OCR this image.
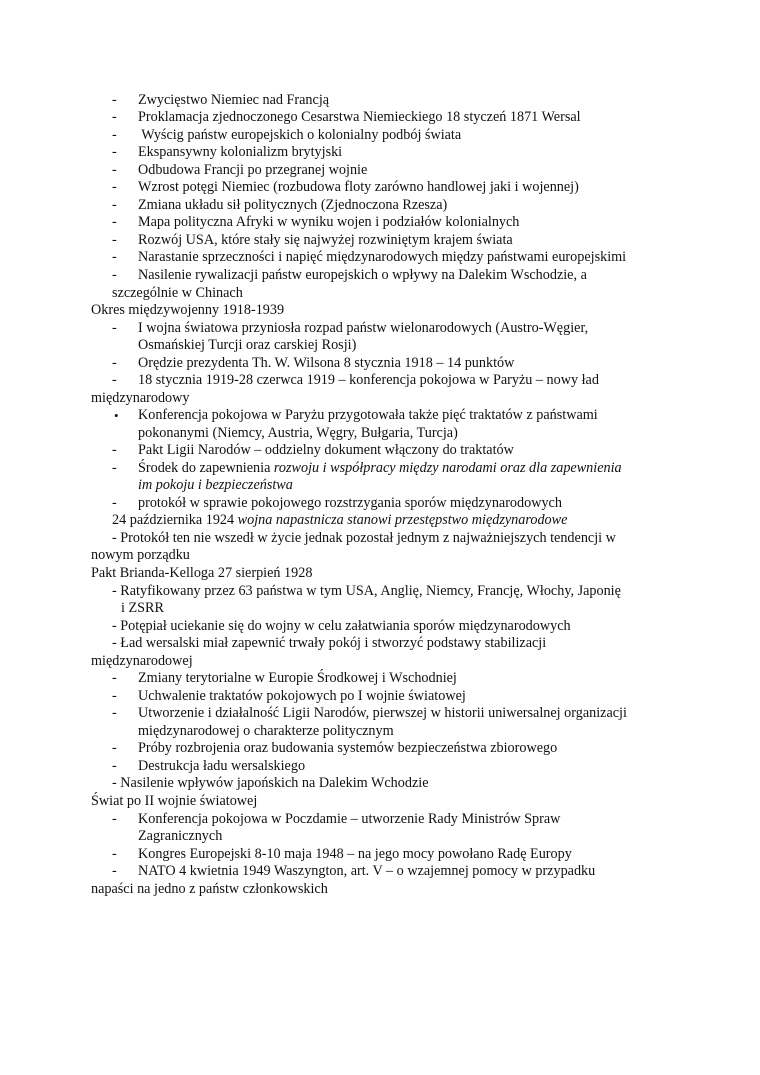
- Zwycięstwo Niemiec nad Francją
- Proklamacja zjednoczonego Cesarstwa Niemieckiego 18 styczeń 1871 Wersal
- Wyścig państw europejskich o kolonialny podbój świata
- Ekspansywny kolonializm brytyjski
- Odbudowa Francji po przegranej wojnie
- Wzrost potęgi Niemiec (rozbudowa floty zarówno handlowej jaki i wojennej)
- Zmiana układu sił politycznych (Zjednoczona Rzesza)
- Mapa polityczna Afryki w wyniku wojen i podziałów kolonialnych
- Rozwój USA, które stały się najwyżej rozwiniętym krajem świata
- Narastanie sprzeczności i napięć międzynarodowych między państwami europejskimi
- Nasilenie rywalizacji państw europejskich o wpływy na Dalekim Wschodzie, a
szczególnie w Chinach
Okres międzywojenny 1918-1939
- I wojna światowa przyniosła rozpad państw wielonarodowych (Austro-Węgier,
Osmańskiej Turcji oraz carskiej Rosji)
- Orędzie prezydenta Th. W. Wilsona 8 stycznia 1918 – 14 punktów
- 18 stycznia 1919-28 czerwca 1919 – konferencja pokojowa w Paryżu – nowy ład
międzynarodowy
• Konferencja pokojowa w Paryżu przygotowała także pięć traktatów z państwami
pokonanymi (Niemcy, Austria, Węgry, Bułgaria, Turcja)
- Pakt Ligii Narodów – oddzielny dokument włączony do traktatów
- Środek do zapewnienia rozwoju i współpracy między narodami oraz dla zapewnienia
im pokoju i bezpieczeństwa
- protokół w sprawie pokojowego rozstrzygania sporów międzynarodowych
24 października 1924 wojna napastnicza stanowi przestępstwo międzynarodowe
- Protokół ten nie wszedł w życie jednak pozostał jednym z najważniejszych tendencji w
nowym porządku
Pakt Brianda-Kelloga 27 sierpień 1928
- Ratyfikowany przez 63 państwa w tym USA, Anglię, Niemcy, Francję, Włochy, Japonię
i ZSRR
- Potępiał uciekanie się do wojny w celu załatwiania sporów międzynarodowych
- Ład wersalski miał zapewnić trwały pokój i stworzyć podstawy stabilizacji
międzynarodowej
- Zmiany terytorialne w Europie Środkowej i Wschodniej
- Uchwalenie traktatów pokojowych po I wojnie światowej
- Utworzenie i działalność Ligii Narodów, pierwszej w historii uniwersalnej organizacji
międzynarodowej o charakterze politycznym
- Próby rozbrojenia oraz budowania systemów bezpieczeństwa zbiorowego
- Destrukcja ładu wersalskiego
- Nasilenie wpływów japońskich na Dalekim Wchodzie
Świat po II wojnie światowej
- Konferencja pokojowa w Poczdamie – utworzenie Rady Ministrów Spraw
Zagranicznych
- Kongres Europejski 8-10 maja 1948 – na jego mocy powołano Radę Europy
- NATO 4 kwietnia 1949 Waszyngton, art. V – o wzajemnej pomocy w przypadku
napaści na jedno z państw członkowskich
